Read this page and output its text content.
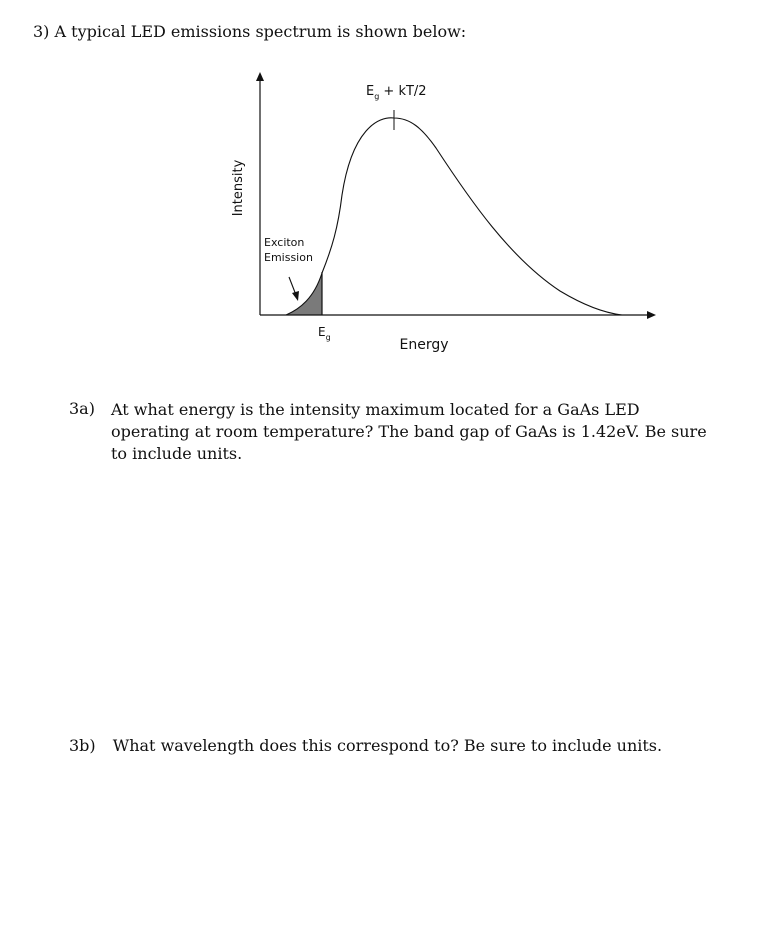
3) A typical LED emissions spectrum is shown below:
Intensity
Energy
$E_g + kT/2$
$E_g$
Exciton
Emission
3a) At what energy is the intensity maximum located for a GaAs LED operating at room temperature? The band gap of GaAs is 1.42eV. Be sure to include units.
3b) What wavelength does this correspond to? Be sure to include units.
